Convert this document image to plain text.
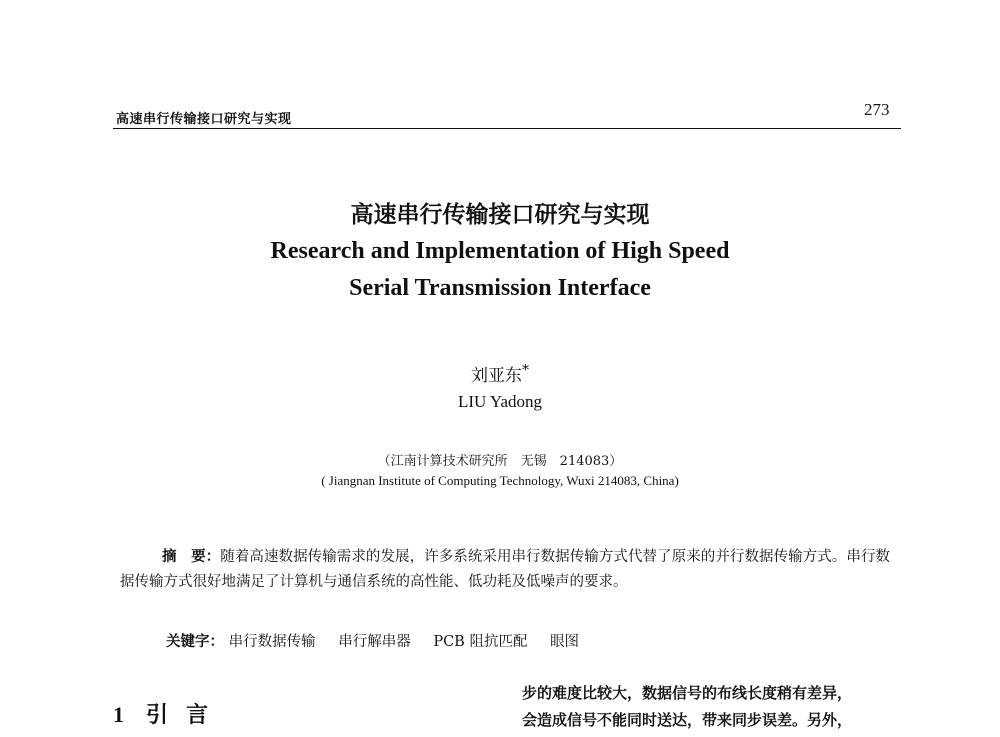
高速串行传输接口研究与实现
273
高速串行传输接口研究与实现
Research and Implementation of High Speed Serial Transmission Interface
刘亚东*
LIU Yadong
（江南计算技术研究所　无锡　214083）
( Jiangnan Institute of Computing Technology, Wuxi 214083, China)
摘　要：随着高速数据传输需求的发展，许多系统采用串行数据传输方式代替了原来的并行数据传输方式。串行数据传输方式很好地满足了计算机与通信系统的高性能、低功耗及低噪声的要求。
关键字： 串行数据传输 串行解串器 PCB 阻抗匹配 眼图
1 引言
步的难度比较大，数据信号的布线长度稍有差异，
会造成信号不能同时送达，带来同步误差。另外，
